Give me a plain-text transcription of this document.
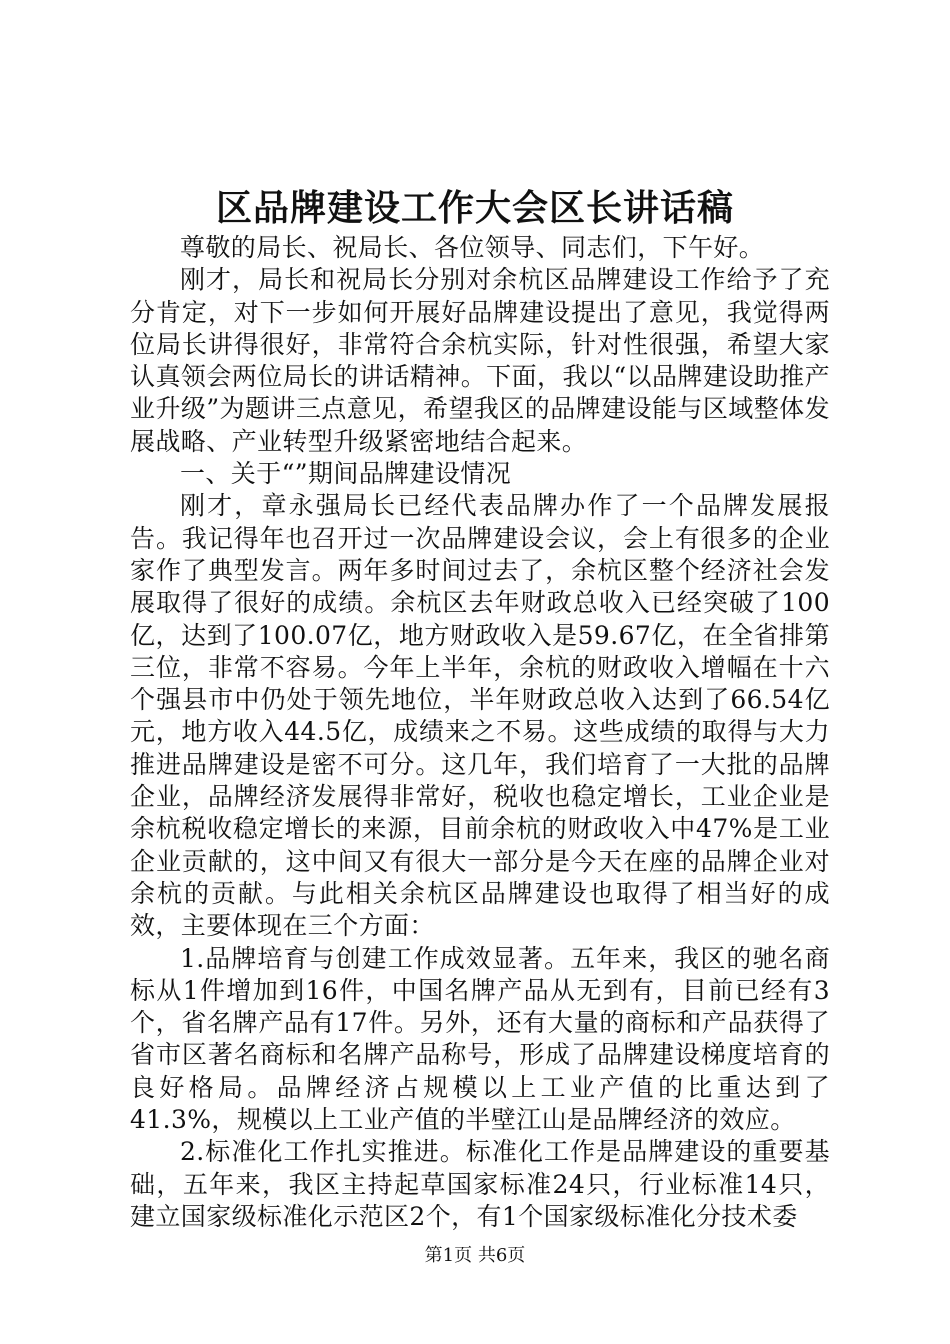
区品牌建设工作大会区长讲话稿

尊敬的局长、祝局长、各位领导、同志们，下午好。

刚才，局长和祝局长分别对余杭区品牌建设工作给予了充分肯定，对下一步如何开展好品牌建设提出了意见，我觉得两位局长讲得很好，非常符合余杭实际，针对性很强，希望大家认真领会两位局长的讲话精神。下面，我以“以品牌建设助推产业升级”为题讲三点意见，希望我区的品牌建设能与区域整体发展战略、产业转型升级紧密地结合起来。

一、关于“”期间品牌建设情况

刚才，章永强局长已经代表品牌办作了一个品牌发展报告。我记得年也召开过一次品牌建设会议，会上有很多的企业家作了典型发言。两年多时间过去了，余杭区整个经济社会发展取得了很好的成绩。余杭区去年财政总收入已经突破了100亿，达到了100.07亿，地方财政收入是59.67亿，在全省排第三位，非常不容易。今年上半年，余杭的财政收入增幅在十六个强县市中仍处于领先地位，半年财政总收入达到了66.54亿元，地方收入44.5亿，成绩来之不易。这些成绩的取得与大力推进品牌建设是密不可分。这几年，我们培育了一大批的品牌企业，品牌经济发展得非常好，税收也稳定增长，工业企业是余杭税收稳定增长的来源，目前余杭的财政收入中47%是工业企业贡献的，这中间又有很大一部分是今天在座的品牌企业对余杭的贡献。与此相关余杭区品牌建设也取得了相当好的成效，主要体现在三个方面：

1.品牌培育与创建工作成效显著。五年来，我区的驰名商标从1件增加到16件，中国名牌产品从无到有，目前已经有3个，省名牌产品有17件。另外，还有大量的商标和产品获得了省市区著名商标和名牌产品称号，形成了品牌建设梯度培育的良好格局。品牌经济占规模以上工业产值的比重达到了41.3%，规模以上工业产值的半壁江山是品牌经济的效应。

2.标准化工作扎实推进。标准化工作是品牌建设的重要基础，五年来，我区主持起草国家标准24只，行业标准14只，建立国家级标准化示范区2个，有1个国家级标准化分技术委

第1页 共6页
